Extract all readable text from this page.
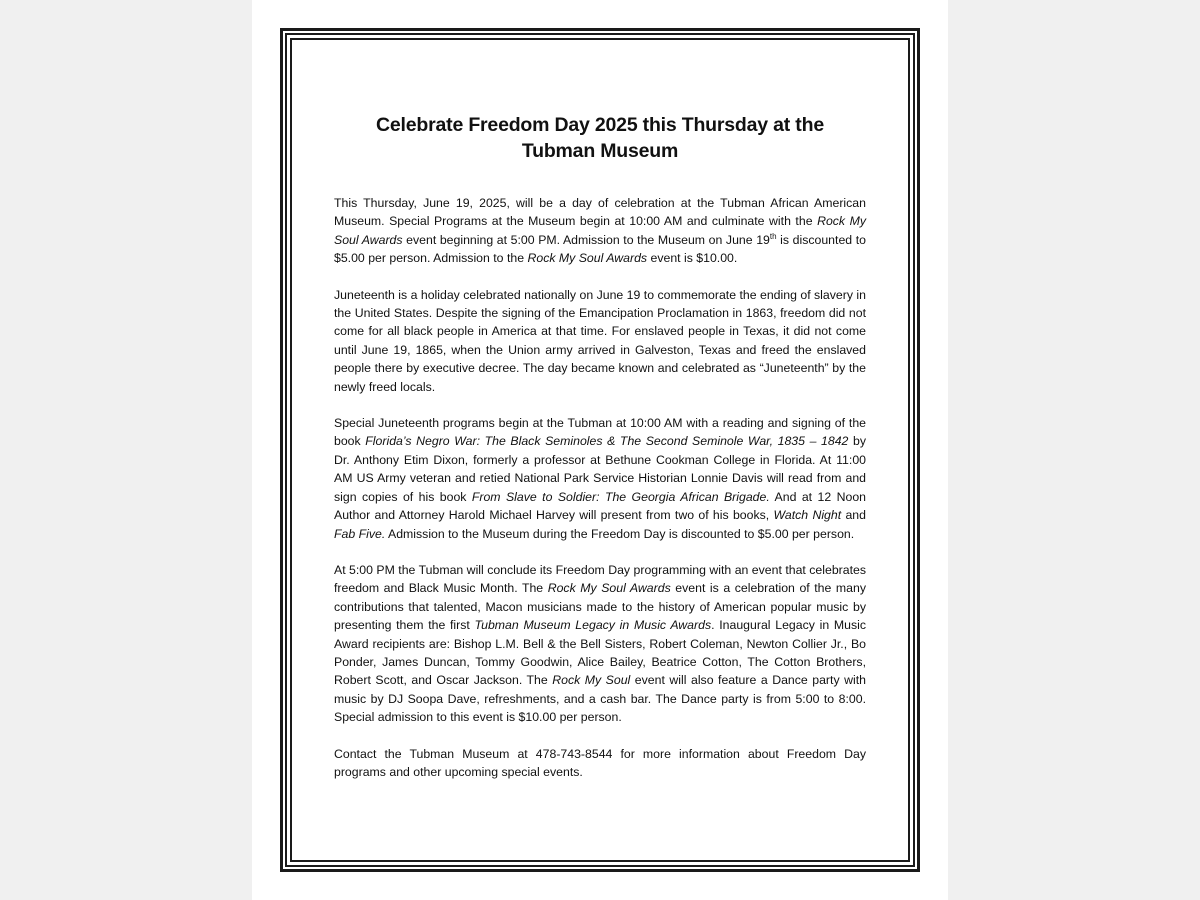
Celebrate Freedom Day 2025 this Thursday at the
Tubman Museum

This Thursday, June 19, 2025, will be a day of celebration at the Tubman African American Museum. Special Programs at the Museum begin at 10:00 AM and culminate with the Rock My Soul Awards event beginning at 5:00 PM. Admission to the Museum on June 19th is discounted to $5.00 per person. Admission to the Rock My Soul Awards event is $10.00.

Juneteenth is a holiday celebrated nationally on June 19 to commemorate the ending of slavery in the United States. Despite the signing of the Emancipation Proclamation in 1863, freedom did not come for all black people in America at that time. For enslaved people in Texas, it did not come until June 19, 1865, when the Union army arrived in Galveston, Texas and freed the enslaved people there by executive decree. The day became known and celebrated as “Juneteenth” by the newly freed locals.

Special Juneteenth programs begin at the Tubman at 10:00 AM with a reading and signing of the book Florida’s Negro War: The Black Seminoles & The Second Seminole War, 1835 – 1842 by Dr. Anthony Etim Dixon, formerly a professor at Bethune Cookman College in Florida. At 11:00 AM US Army veteran and retied National Park Service Historian Lonnie Davis will read from and sign copies of his book From Slave to Soldier: The Georgia African Brigade. And at 12 Noon Author and Attorney Harold Michael Harvey will present from two of his books, Watch Night and Fab Five. Admission to the Museum during the Freedom Day is discounted to $5.00 per person.

At 5:00 PM the Tubman will conclude its Freedom Day programming with an event that celebrates freedom and Black Music Month. The Rock My Soul Awards event is a celebration of the many contributions that talented, Macon musicians made to the history of American popular music by presenting them the first Tubman Museum Legacy in Music Awards. Inaugural Legacy in Music Award recipients are: Bishop L.M. Bell & the Bell Sisters, Robert Coleman, Newton Collier Jr., Bo Ponder, James Duncan, Tommy Goodwin, Alice Bailey, Beatrice Cotton, The Cotton Brothers, Robert Scott, and Oscar Jackson. The Rock My Soul event will also feature a Dance party with music by DJ Soopa Dave, refreshments, and a cash bar. The Dance party is from 5:00 to 8:00. Special admission to this event is $10.00 per person.

Contact the Tubman Museum at 478-743-8544 for more information about Freedom Day programs and other upcoming special events.
